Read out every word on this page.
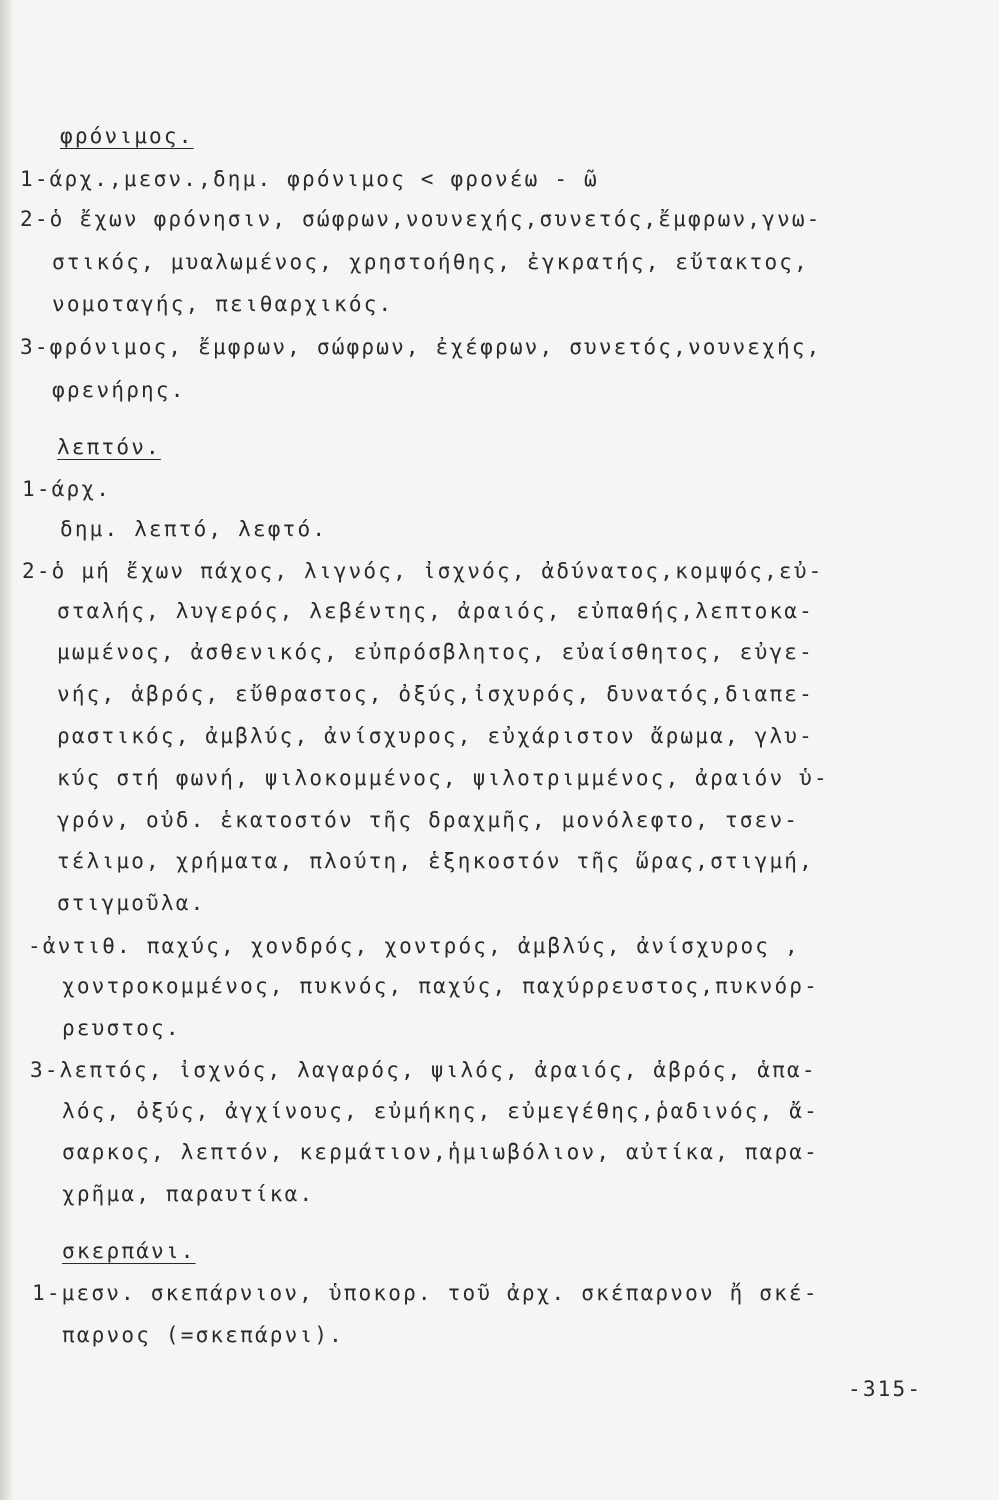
φρόνιμος.
1-άρχ.,μεσν.,δημ. φρόνιμος < φρονέω - ῶ
2-ὁ ἔχων φρόνησιν, σώφρων,νουνεχής,συνετός,ἔμφρων,γνω-
στικός, μυαλωμένος, χρηστοήθης, ἐγκρατής, εὔτακτος,
νομοταγής, πειθαρχικός.
3-φρόνιμος, ἔμφρων, σώφρων, ἐχέφρων, συνετός,νουνεχής,
φρενήρης.
λεπτόν.
1-άρχ.
δημ. λεπτό, λεφτό.
2-ὁ μή ἔχων πάχος, λιγνός, ἰσχνός, ἀδύνατος,κομψός,εὐ-
σταλής, λυγερός, λεβέντης, ἀραιός, εὐπαθής,λεπτοκα-
μωμένος, ἀσθενικός, εὐπρόσβλητος, εὐαίσθητος, εὐγε-
νής, ἁβρός, εὔθραστος, ὀξύς,ἰσχυρός, δυνατός,διαπε-
ραστικός, ἀμβλύς, ἀνίσχυρος, εὐχάριστον ἄρωμα, γλυ-
κύς στή φωνή, ψιλοκομμένος, ψιλοτριμμένος, ἀραιόν ὑ-
γρόν, οὐδ. ἑκατοστόν τῆς δραχμῆς, μονόλεφτο, τσεν-
τέλιμο, χρήματα, πλούτη, ἑξηκοστόν τῆς ὥρας,στιγμή,
στιγμοῦλα.
-ἀντιθ. παχύς, χονδρός, χοντρός, ἀμβλύς, ἀνίσχυρος ,
χοντροκομμένος, πυκνός, παχύς, παχύρρευστος,πυκνόρ-
ρευστος.
3-λεπτός, ἰσχνός, λαγαρός, ψιλός, ἀραιός, ἁβρός, ἁπα-
λός, ὀξύς, ἀγχίνους, εὐμήκης, εὐμεγέθης,ῥαδινός, ἄ-
σαρκος, λεπτόν, κερμάτιον,ἡμιωβόλιον, αὐτίκα, παρα-
χρῆμα, παραυτίκα.
σκερπάνι.
1-μεσν. σκεπάρνιον, ὑποκορ. τοῦ ἀρχ. σκέπαρνον ἤ σκέ-
παρνος (=σκεπάρνι).
-315-
